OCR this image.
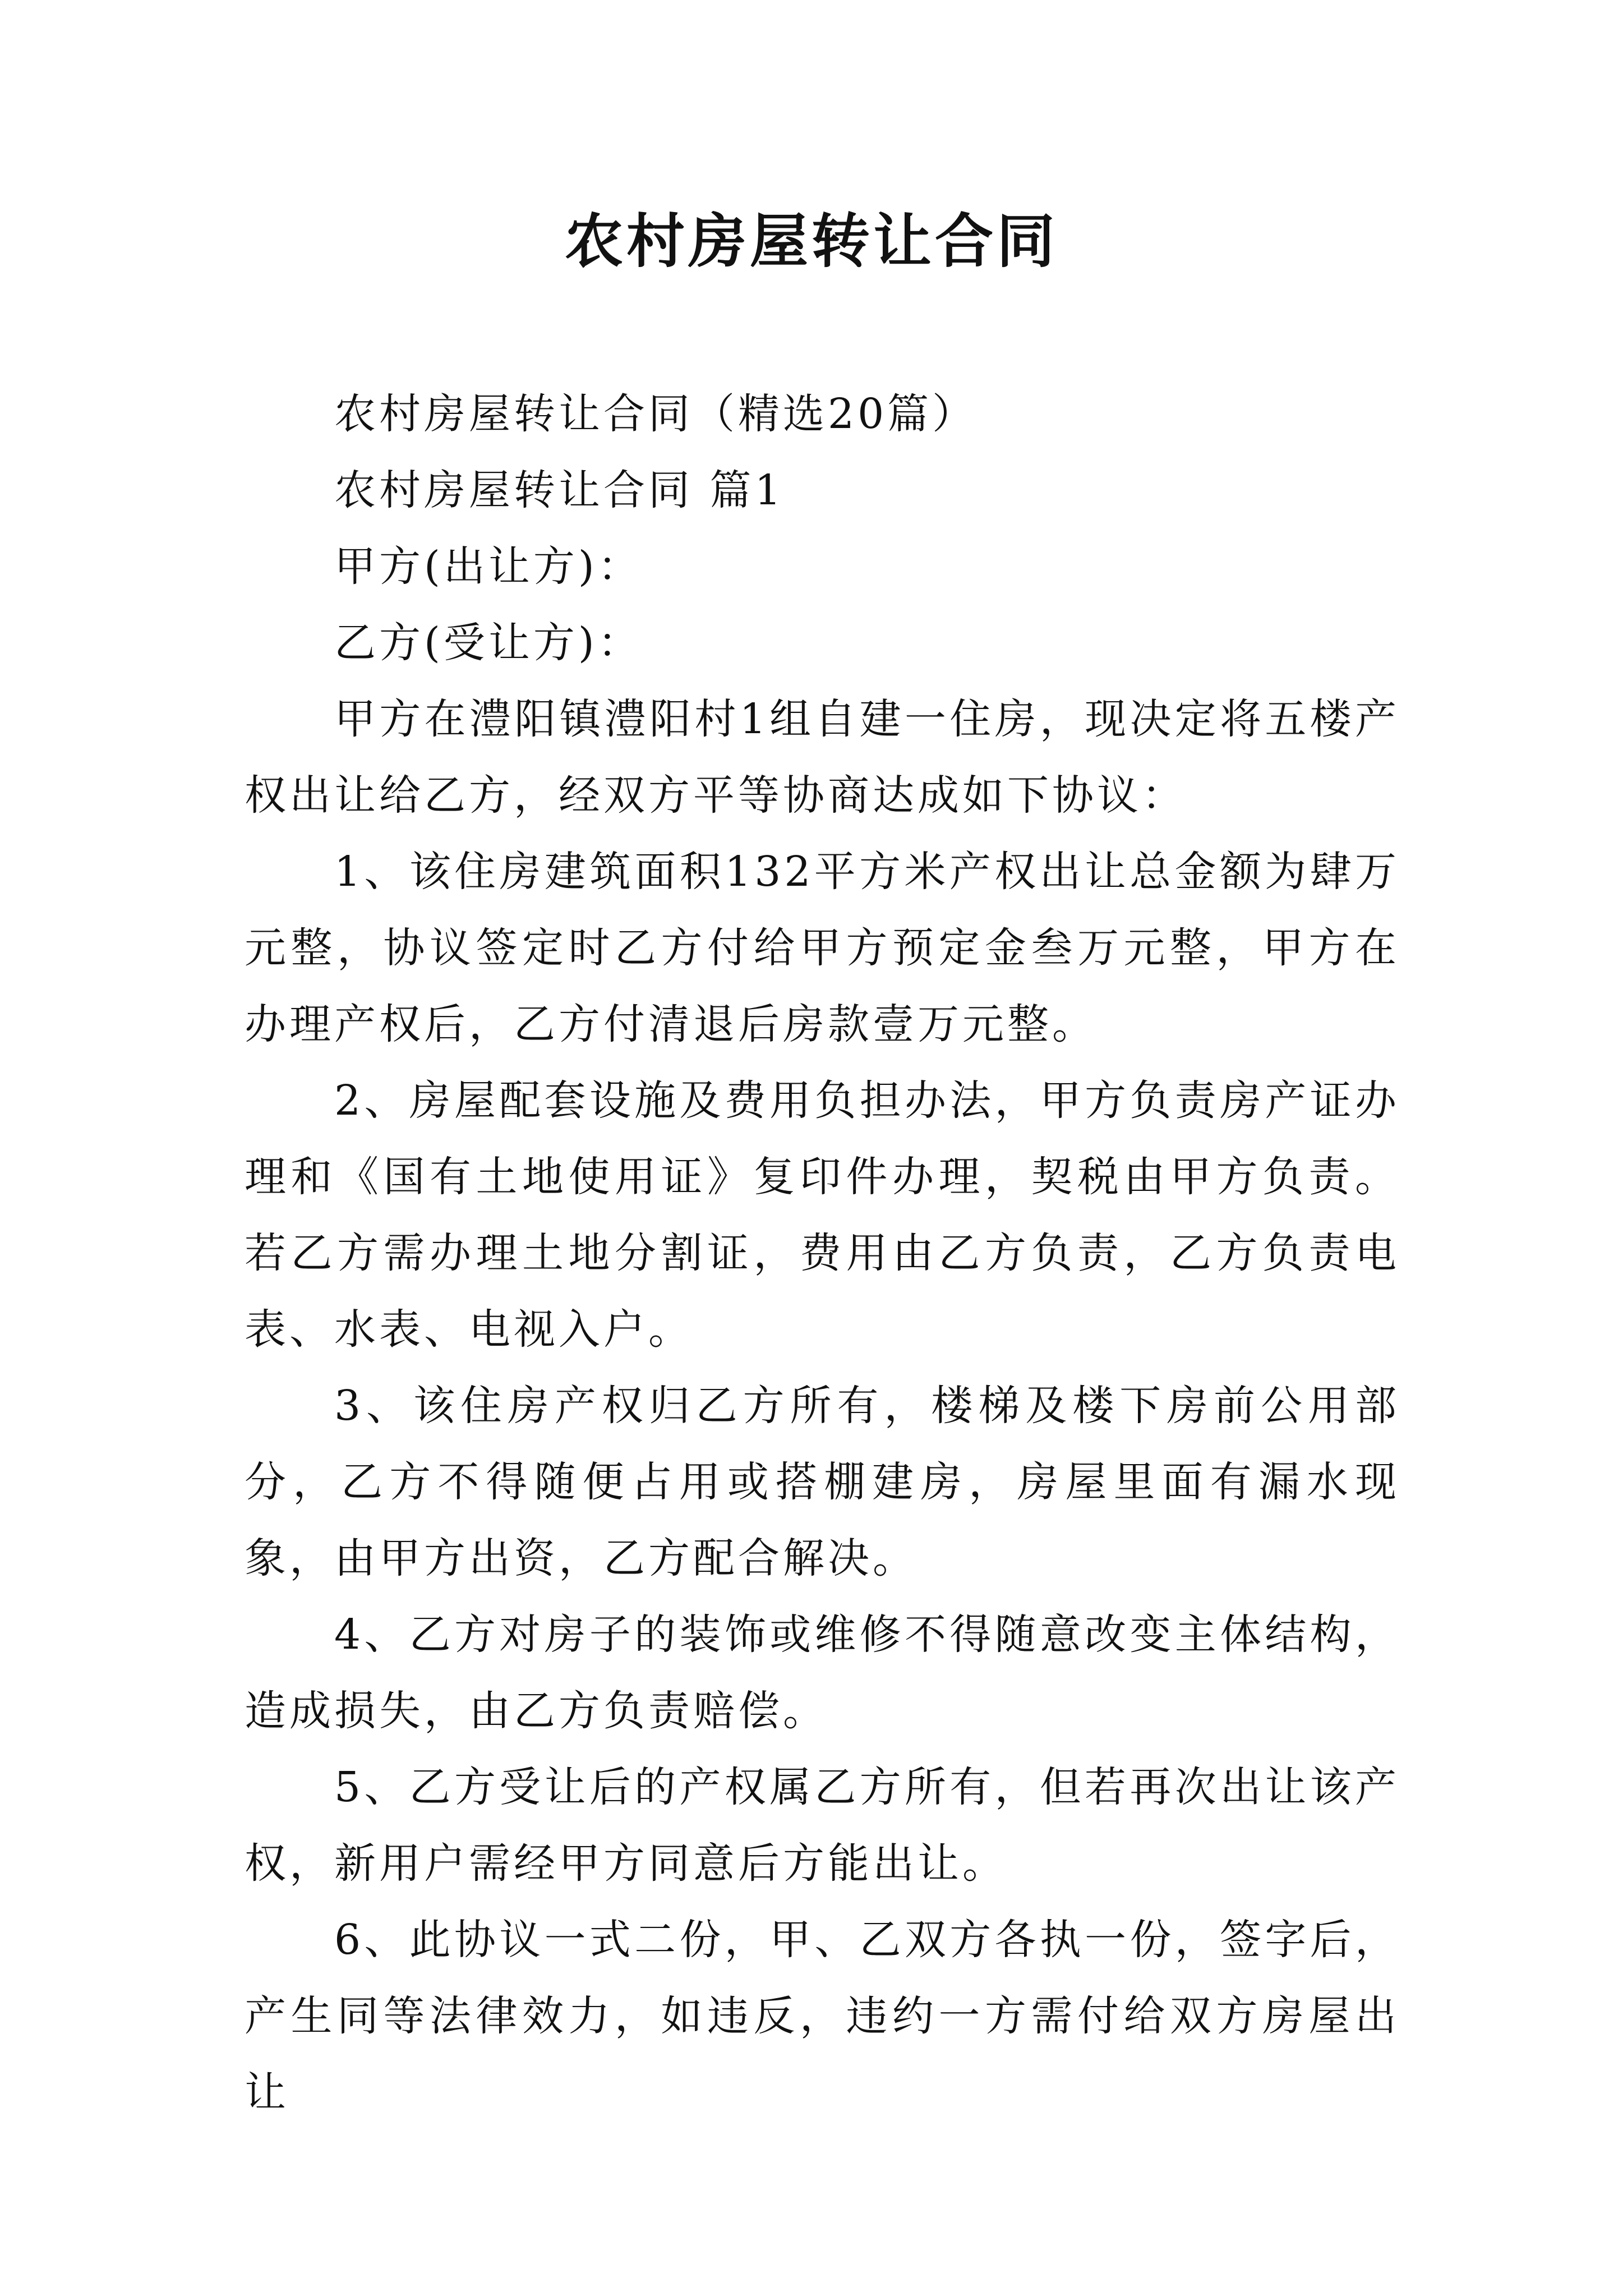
农村房屋转让合同

农村房屋转让合同（精选20篇）

农村房屋转让合同 篇1

甲方(出让方)：

乙方(受让方)：

甲方在澧阳镇澧阳村1组自建一住房，现决定将五楼产权出让给乙方，经双方平等协商达成如下协议：

1、该住房建筑面积132平方米产权出让总金额为肆万元整，协议签定时乙方付给甲方预定金叁万元整，甲方在办理产权后，乙方付清退后房款壹万元整。

2、房屋配套设施及费用负担办法，甲方负责房产证办理和《国有土地使用证》复印件办理，契税由甲方负责。若乙方需办理土地分割证，费用由乙方负责，乙方负责电表、水表、电视入户。

3、该住房产权归乙方所有，楼梯及楼下房前公用部分，乙方不得随便占用或搭棚建房，房屋里面有漏水现象，由甲方出资，乙方配合解决。

4、乙方对房子的装饰或维修不得随意改变主体结构，造成损失，由乙方负责赔偿。

5、乙方受让后的产权属乙方所有，但若再次出让该产权，新用户需经甲方同意后方能出让。

6、此协议一式二份，甲、乙双方各执一份，签字后，产生同等法律效力，如违反，违约一方需付给双方房屋出让
